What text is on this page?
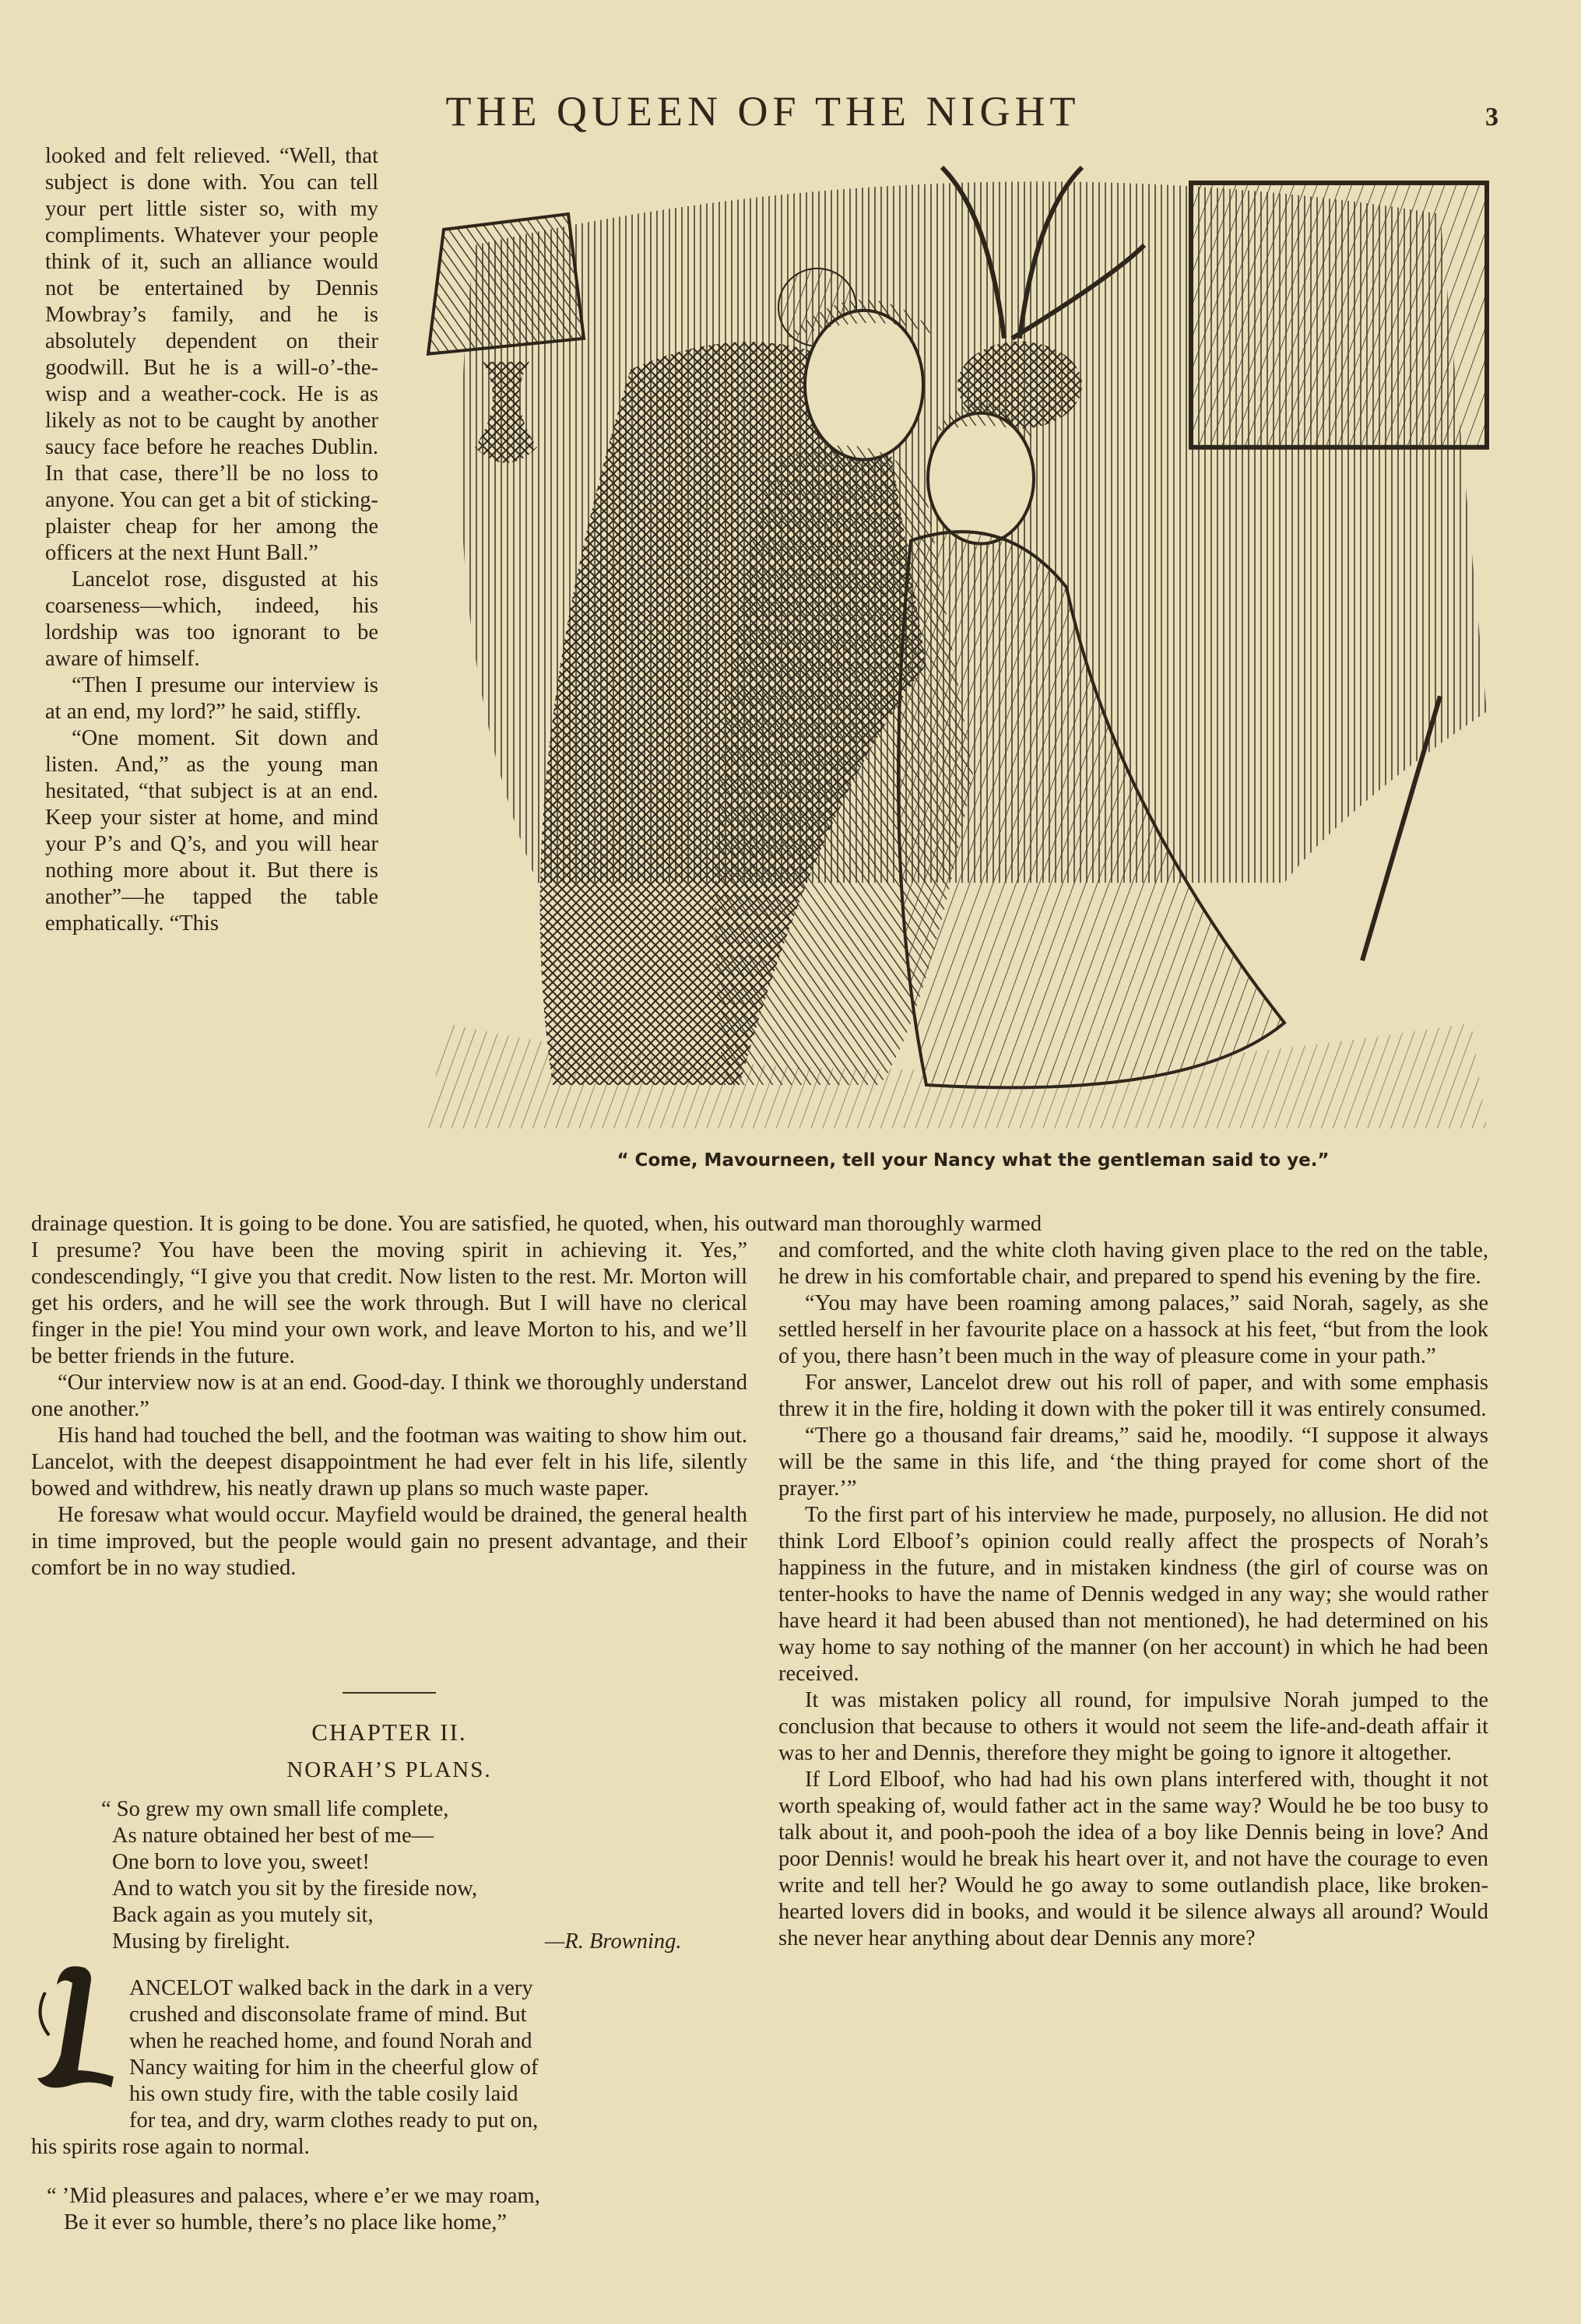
THE QUEEN OF THE NIGHT	3

looked and felt relieved. “Well, that subject is done with. You can tell your pert little sister so, with my compliments. Whatever your people think of it, such an alliance would not be entertained by Dennis Mowbray’s family, and he is absolutely dependent on their goodwill. But he is a will-o’-the-wisp and a weather-cock. He is as likely as not to be caught by another saucy face before he reaches Dublin. In that case, there’ll be no loss to anyone. You can get a bit of sticking-plaister cheap for her among the officers at the next Hunt Ball.”

Lancelot rose, disgusted at his coarseness—which, indeed, his lordship was too ignorant to be aware of himself.

“Then I presume our interview is at an end, my lord?” he said, stiffly.

“One moment. Sit down and listen. And,” as the young man hesitated, “that subject is at an end. Keep your sister at home, and mind your P’s and Q’s, and you will hear nothing more about it. But there is another”—he tapped the table emphatically. “This

“ Come, Mavourneen, tell your Nancy what the gentleman said to ye.”
drainage question. It is going to be done. You are satisfied, he quoted, when, his outward man thoroughly warmed

I presume? You have been the moving spirit in achieving it. Yes,” condescendingly, “I give you that credit. Now listen to the rest. Mr. Morton will get his orders, and he will see the work through. But I will have no clerical finger in the pie! You mind your own work, and leave Morton to his, and we’ll be better friends in the future.

“Our interview now is at an end. Good-day. I think we thoroughly understand one another.”

His hand had touched the bell, and the footman was waiting to show him out. Lancelot, with the deepest disappointment he had ever felt in his life, silently bowed and withdrew, his neatly drawn up plans so much waste paper.

He foresaw what would occur. Mayfield would be drained, the general health in time improved, but the people would gain no present advantage, and their comfort be in no way studied.

CHAPTER II.
NORAH’S PLANS.
“ So grew my own small life complete,
As nature obtained her best of me—
One born to love you, sweet!
And to watch you sit by the fireside now,
Back again as you mutely sit,
Musing by firelight.	—R. Browning.
ANCELOT walked back in the dark in a very
crushed and disconsolate frame of mind. But
when he reached home, and found Norah and
Nancy waiting for him in the cheerful glow of
his own study fire, with the table cosily laid
for tea, and dry, warm clothes ready to put on,
his spirits rose again to normal.
“ ’Mid pleasures and palaces, where e’er we may roam,
Be it ever so humble, there’s no place like home,”

and comforted, and the white cloth having given place to the red on the table, he drew in his comfortable chair, and prepared to spend his evening by the fire.

“You may have been roaming among palaces,” said Norah, sagely, as she settled herself in her favourite place on a hassock at his feet, “but from the look of you, there hasn’t been much in the way of pleasure come in your path.”

For answer, Lancelot drew out his roll of paper, and with some emphasis threw it in the fire, holding it down with the poker till it was entirely consumed.

“There go a thousand fair dreams,” said he, moodily. “I suppose it always will be the same in this life, and ‘the thing prayed for come short of the prayer.’”

To the first part of his interview he made, purposely, no allusion. He did not think Lord Elboof’s opinion could really affect the prospects of Norah’s happiness in the future, and in mistaken kindness (the girl of course was on tenter-hooks to have the name of Dennis wedged in any way; she would rather have heard it had been abused than not mentioned), he had determined on his way home to say nothing of the manner (on her account) in which he had been received.

It was mistaken policy all round, for impulsive Norah jumped to the conclusion that because to others it would not seem the life-and-death affair it was to her and Dennis, therefore they might be going to ignore it altogether.

If Lord Elboof, who had had his own plans interfered with, thought it not worth speaking of, would father act in the same way? Would he be too busy to talk about it, and pooh-pooh the idea of a boy like Dennis being in love? And poor Dennis! would he break his heart over it, and not have the courage to even write and tell her? Would he go away to some outlandish place, like broken-hearted lovers did in books, and would it be silence always all around? Would she never hear anything about dear Dennis any more?
